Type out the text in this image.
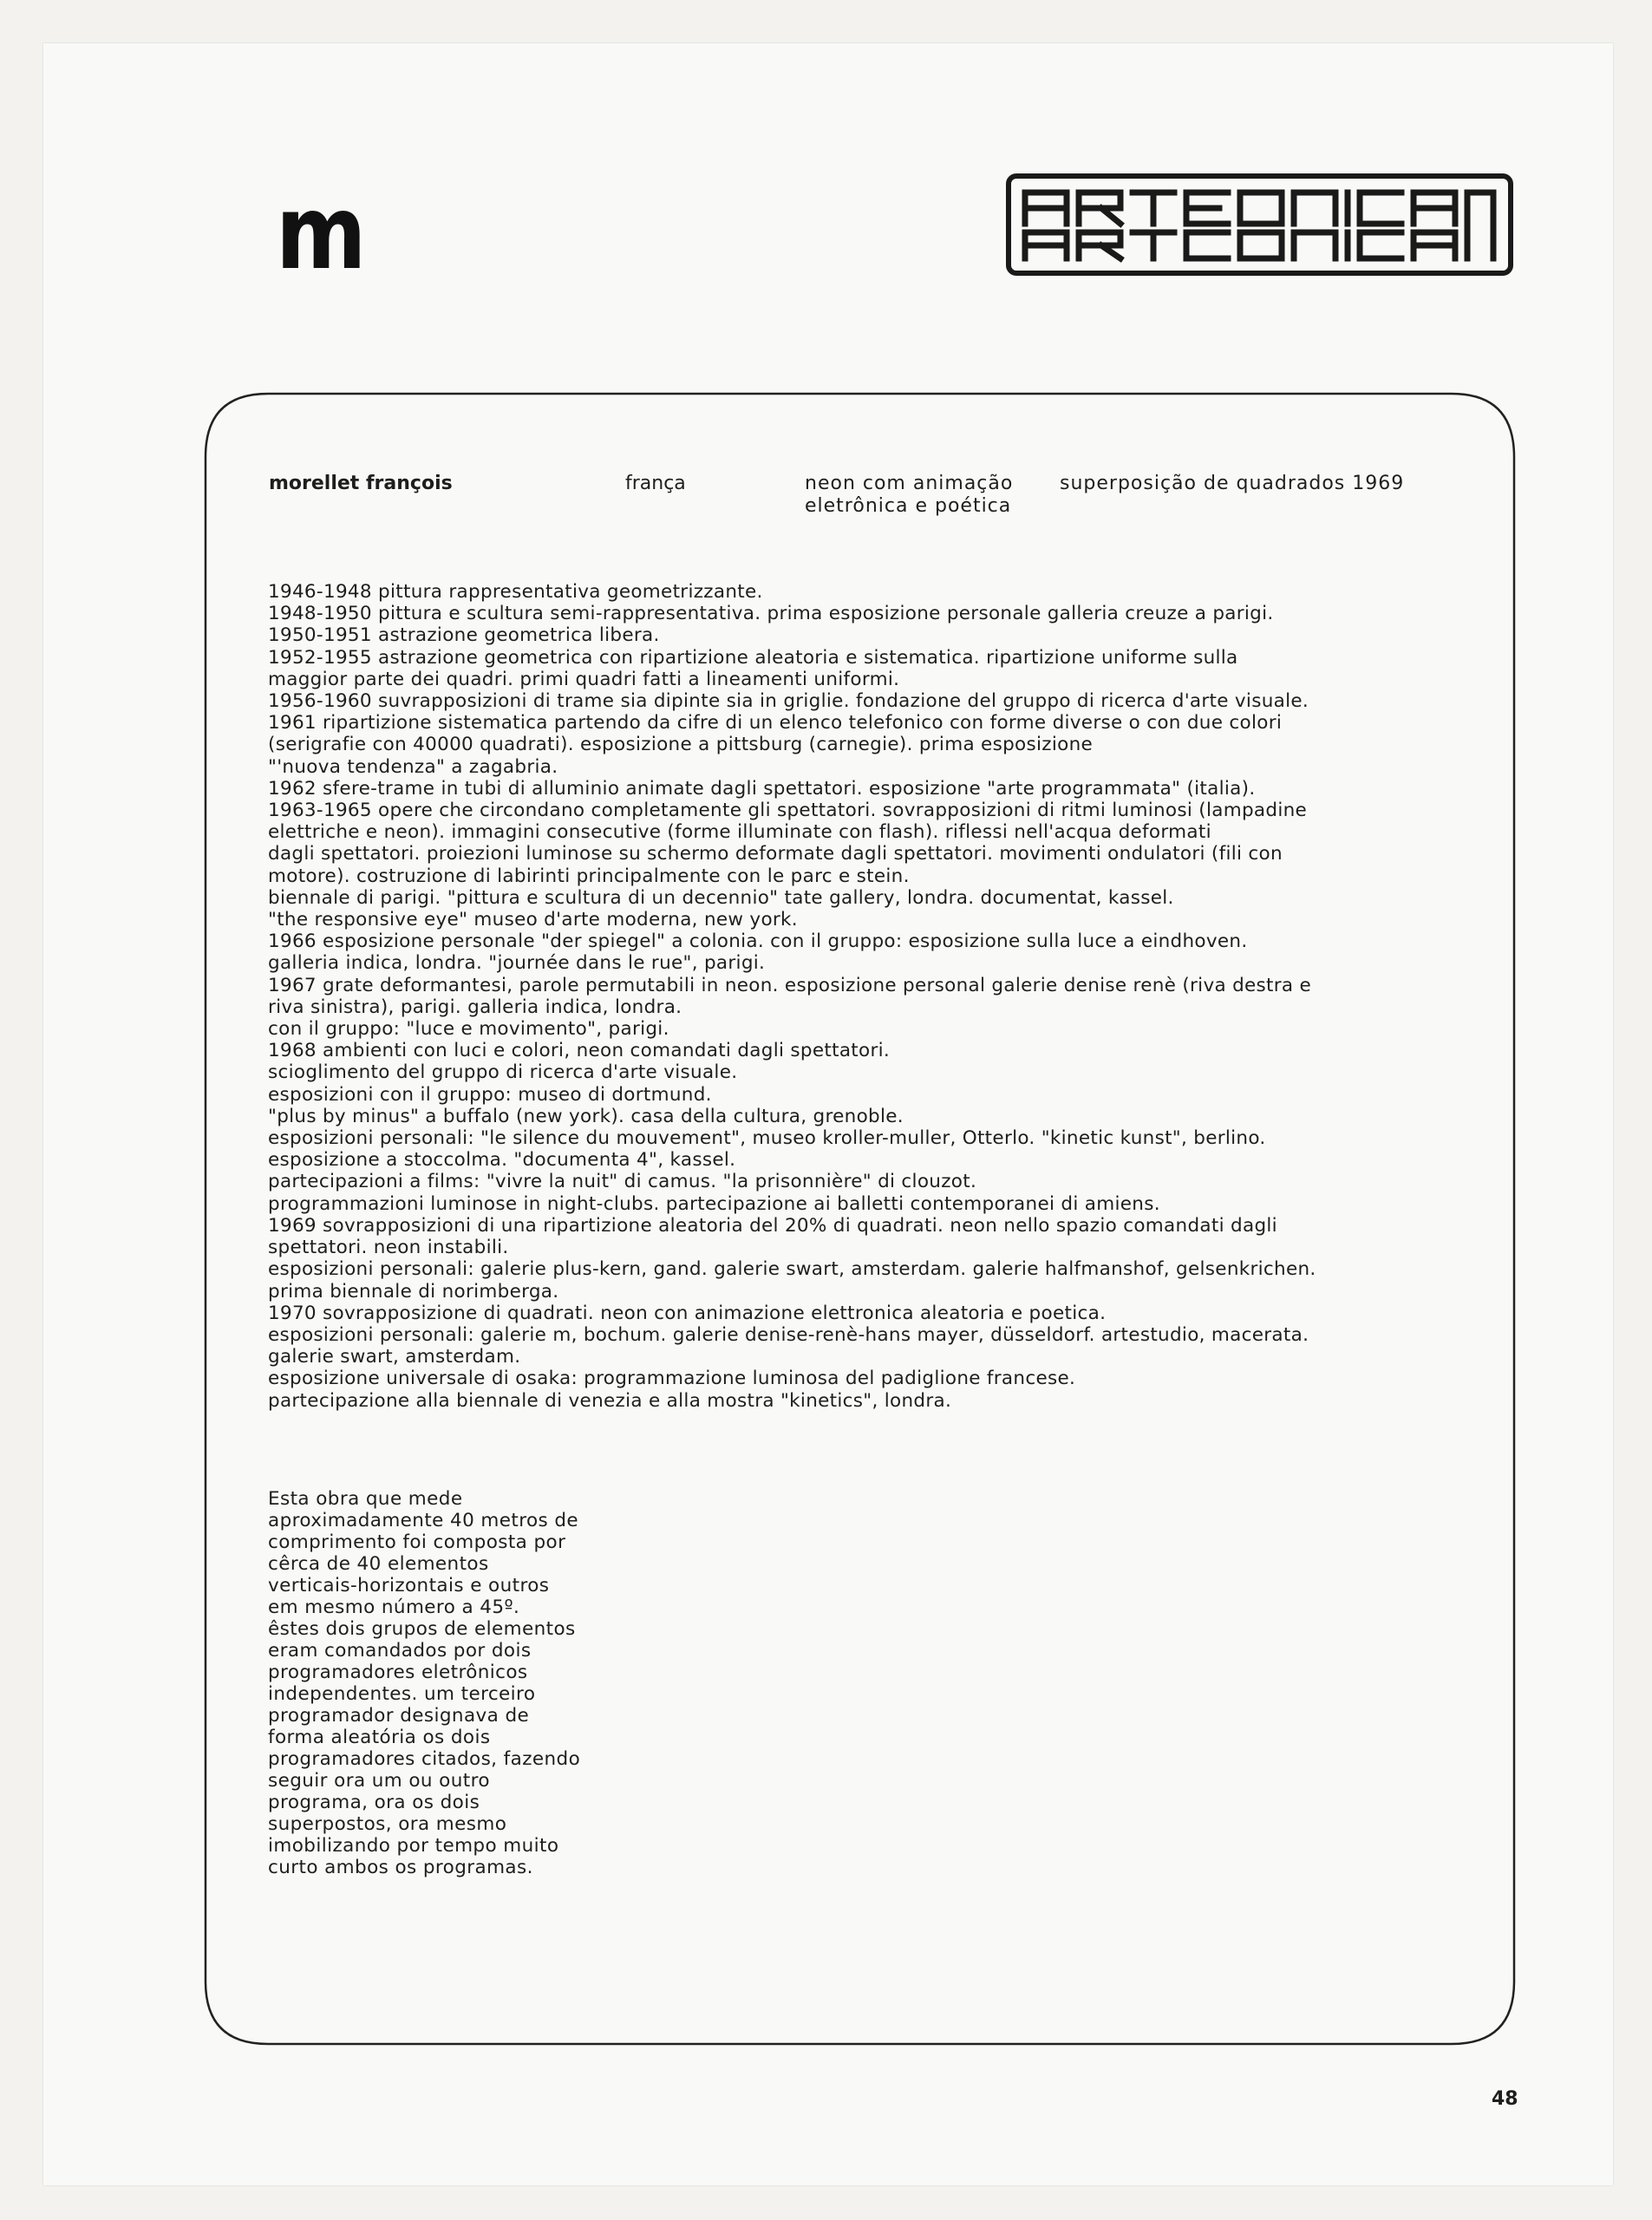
m
morellet françois	frança	neon com animação
eletrônica e poética
superposição de quadrados 1969
1946-1948 pittura rappresentativa geometrizzante.
1948-1950 pittura e scultura semi-rappresentativa. prima esposizione personale galleria creuze a parigi.
1950-1951 astrazione geometrica libera.
1952-1955 astrazione geometrica con ripartizione aleatoria e sistematica. ripartizione uniforme sulla
maggior parte dei quadri. primi quadri fatti a lineamenti uniformi.
1956-1960 suvrapposizioni di trame sia dipinte sia in griglie. fondazione del gruppo di ricerca d'arte visuale.
1961 ripartizione sistematica partendo da cifre di un elenco telefonico con forme diverse o con due colori
(serigrafie con 40000 quadrati). esposizione a pittsburg (carnegie). prima esposizione
"'nuova tendenza" a zagabria.
1962 sfere-trame in tubi di alluminio animate dagli spettatori. esposizione "arte programmata" (italia).
1963-1965 opere che circondano completamente gli spettatori. sovrapposizioni di ritmi luminosi (lampadine
elettriche e neon). immagini consecutive (forme illuminate con flash). riflessi nell'acqua deformati
dagli spettatori. proiezioni luminose su schermo deformate dagli spettatori. movimenti ondulatori (fili con
motore). costruzione di labirinti principalmente con le parc e stein.
biennale di parigi. "pittura e scultura di un decennio" tate gallery, londra. documentat, kassel.
"the responsive eye" museo d'arte moderna, new york.
1966 esposizione personale "der spiegel" a colonia. con il gruppo: esposizione sulla luce a eindhoven.
galleria indica, londra. "journée dans le rue", parigi.
1967 grate deformantesi, parole permutabili in neon. esposizione personal galerie denise renè (riva destra e
riva sinistra), parigi. galleria indica, londra.
con il gruppo: "luce e movimento", parigi.
1968 ambienti con luci e colori, neon comandati dagli spettatori.
scioglimento del gruppo di ricerca d'arte visuale.
esposizioni con il gruppo: museo di dortmund.
"plus by minus" a buffalo (new york). casa della cultura, grenoble.
esposizioni personali: "le silence du mouvement", museo kroller-muller, Otterlo. "kinetic kunst", berlino.
esposizione a stoccolma. "documenta 4", kassel.
partecipazioni a films: "vivre la nuit" di camus. "la prisonnière" di clouzot.
programmazioni luminose in night-clubs. partecipazione ai balletti contemporanei di amiens.
1969 sovrapposizioni di una ripartizione aleatoria del 20% di quadrati. neon nello spazio comandati dagli
spettatori. neon instabili.
esposizioni personali: galerie plus-kern, gand. galerie swart, amsterdam. galerie halfmanshof, gelsenkrichen.
prima biennale di norimberga.
1970 sovrapposizione di quadrati. neon con animazione elettronica aleatoria e poetica.
esposizioni personali: galerie m, bochum. galerie denise-renè-hans mayer, düsseldorf. artestudio, macerata.
galerie swart, amsterdam.
esposizione universale di osaka: programmazione luminosa del padiglione francese.
partecipazione alla biennale di venezia e alla mostra "kinetics", londra.
Esta obra que mede
aproximadamente 40 metros de
comprimento foi composta por
cêrca de 40 elementos
verticais-horizontais e outros
em mesmo número a 45º.
êstes dois grupos de elementos
eram comandados por dois
programadores eletrônicos
independentes. um terceiro
programador designava de
forma aleatória os dois
programadores citados, fazendo
seguir ora um ou outro
programa, ora os dois
superpostos, ora mesmo
imobilizando por tempo muito
curto ambos os programas.
48
